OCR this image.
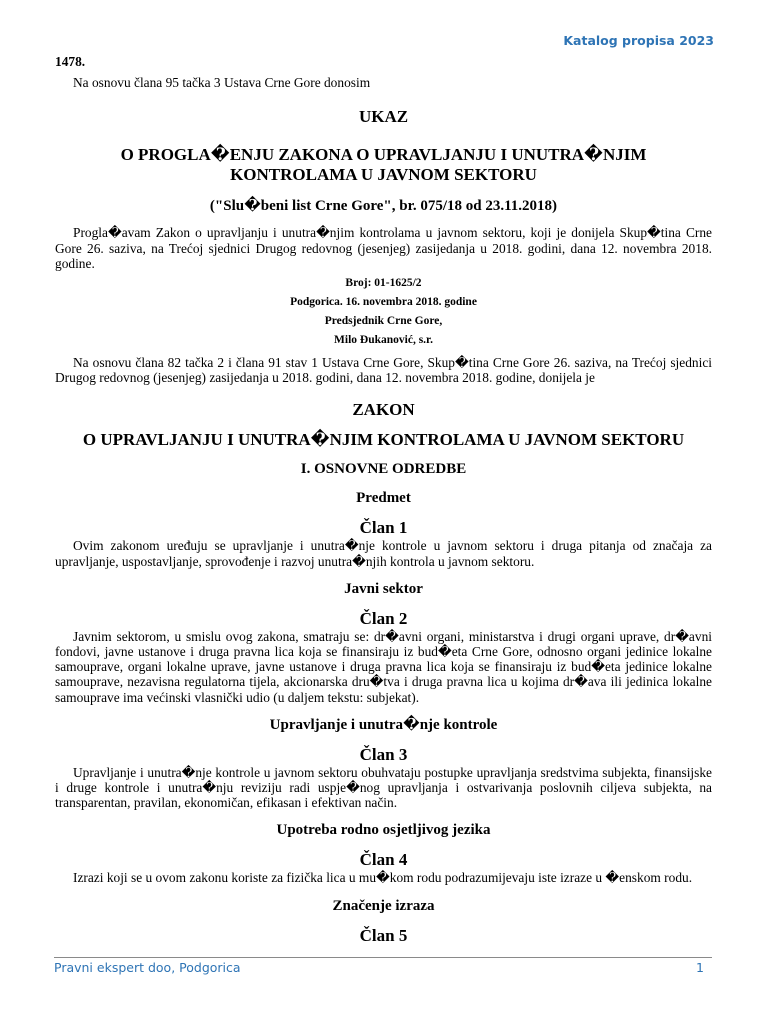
Katalog propisa 2023
1478.

Na osnovu člana 95 tačka 3 Ustava Crne Gore donosim

UKAZ
O PROGLA�ENJU ZAKONA O UPRAVLJANJU I UNUTRA�NJIM
KONTROLAMA U JAVNOM SEKTORU
("Slu�beni list Crne Gore", br. 075/18 od 23.11.2018)

Progla�avam Zakon o upravljanju i unutra�njim kontrolama u javnom sektoru, koji je donijela Skup�tina Crne Gore 26. saziva, na Trećoj sjednici Drugog redovnog (jesenjeg) zasijedanja u 2018. godini, dana 12. novembra 2018. godine.

Broj: 01-1625/2
Podgorica. 16. novembra 2018. godine
Predsjednik Crne Gore,
Milo Đukanović, s.r.

Na osnovu člana 82 tačka 2 i člana 91 stav 1 Ustava Crne Gore, Skup�tina Crne Gore 26. saziva, na Trećoj sjednici Drugog redovnog (jesenjeg) zasijedanja u 2018. godini, dana 12. novembra 2018. godine, donijela je

ZAKON
O UPRAVLJANJU I UNUTRA�NJIM KONTROLAMA U JAVNOM SEKTORU
I. OSNOVNE ODREDBE
Predmet
Član 1

Ovim zakonom uređuju se upravljanje i unutra�nje kontrole u javnom sektoru i druga pitanja od značaja za upravljanje, uspostavljanje, sprovođenje i razvoj unutra�njih kontrola u javnom sektoru.

Javni sektor
Član 2

Javnim sektorom, u smislu ovog zakona, smatraju se: dr�avni organi, ministarstva i drugi organi uprave, dr�avni fondovi, javne ustanove i druga pravna lica koja se finansiraju iz bud�eta Crne Gore, odnosno organi jedinice lokalne samouprave, organi lokalne uprave, javne ustanove i druga pravna lica koja se finansiraju iz bud�eta jedinice lokalne samouprave, nezavisna regulatorna tijela, akcionarska dru�tva i druga pravna lica u kojima dr�ava ili jedinica lokalne samouprave ima većinski vlasnički udio (u daljem tekstu: subjekat).

Upravljanje i unutra�nje kontrole
Član 3

Upravljanje i unutra�nje kontrole u javnom sektoru obuhvataju postupke upravljanja sredstvima subjekta, finansijske i druge kontrole i unutra�nju reviziju radi uspje�nog upravljanja i ostvarivanja poslovnih ciljeva subjekta, na transparentan, pravilan, ekonomičan, efikasan i efektivan način.

Upotreba rodno osjetljivog jezika
Član 4

Izrazi koji se u ovom zakonu koriste za fizička lica u mu�kom rodu podrazumijevaju iste izraze u �enskom rodu.

Značenje izraza
Član 5
Pravni ekspert doo, Podgorica	1
